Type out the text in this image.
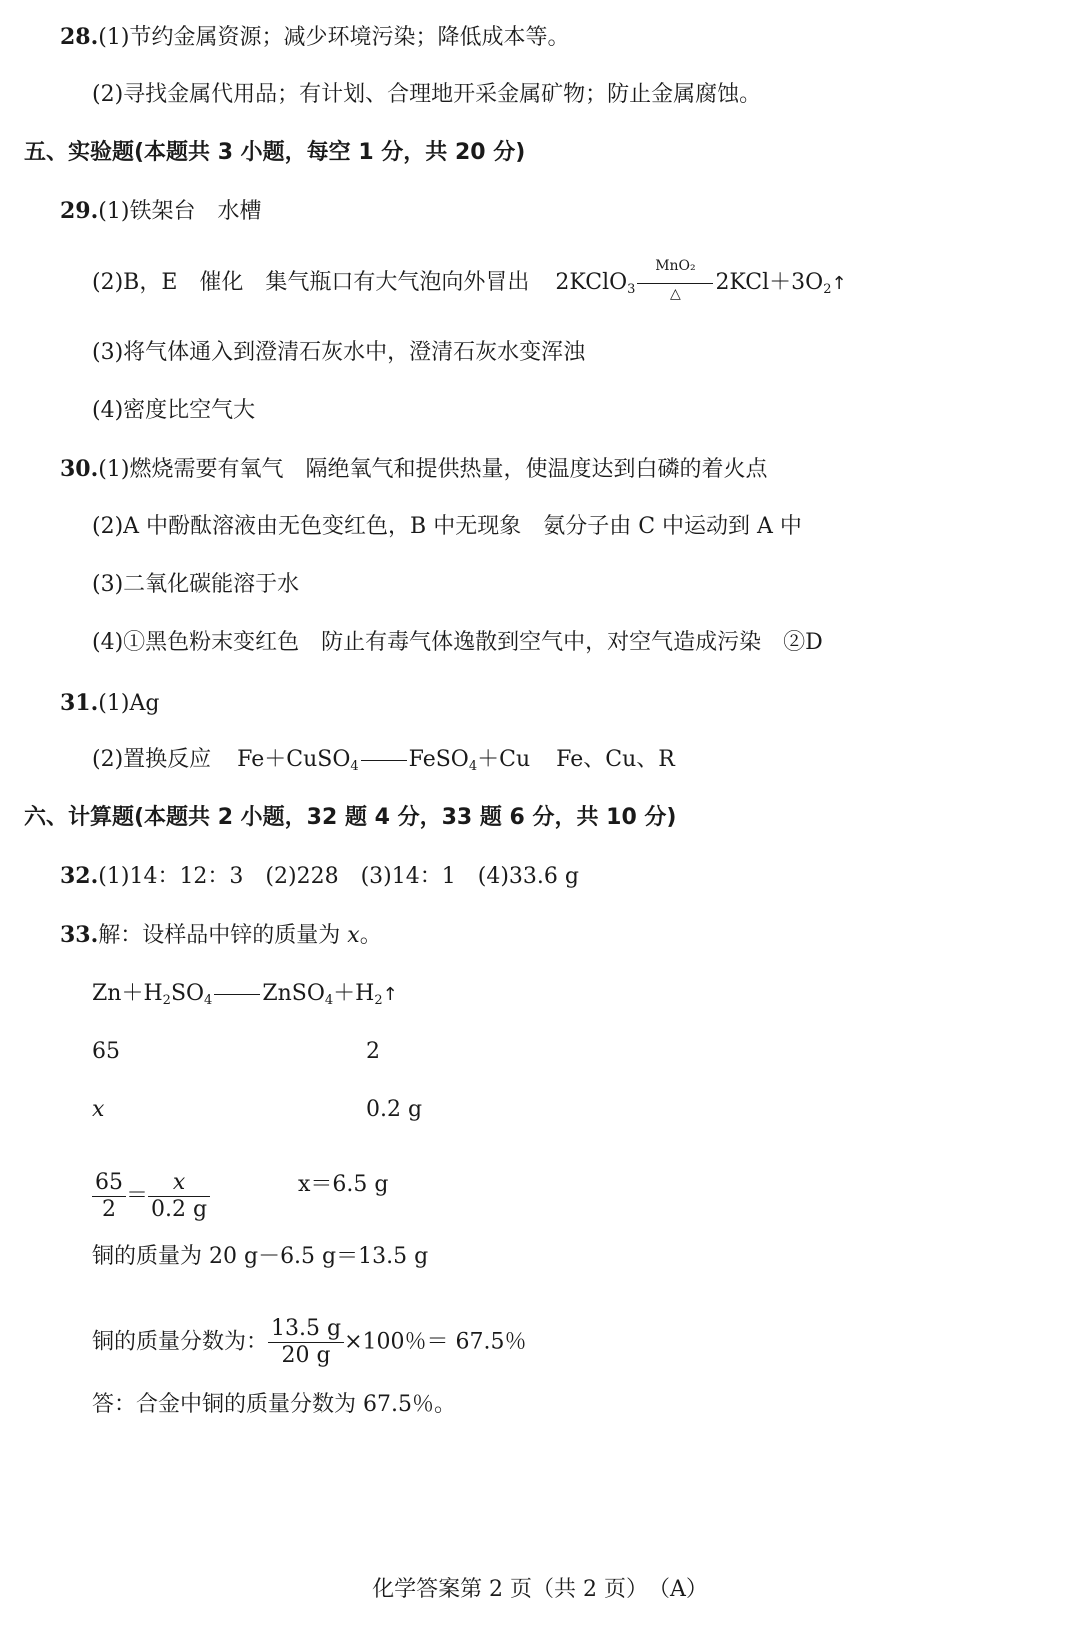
28.(1)节约金属资源；减少环境污染；降低成本等。
(2)寻找金属代用品；有计划、合理地开采金属矿物；防止金属腐蚀。
五、实验题(本题共 3 小题，每空 1 分，共 20 分)
29.(1)铁架台　水槽
(2)B，E　催化　集气瓶口有大气泡向外冒出 2KClO$_3$
MnO₂
△	$2KCl+3O_2↑$
(3)将气体通入到澄清石灰水中，澄清石灰水变浑浊
(4)密度比空气大
30.(1)燃烧需要有氧气　隔绝氧气和提供热量，使温度达到白磷的着火点
(2)A 中酚酞溶液由无色变红色，B 中无现象　氨分子由 C 中运动到 A 中
(3)二氧化碳能溶于水
(4)①黑色粉末变红色　防止有毒气体逸散到空气中，对空气造成污染　②D
31.(1)Ag
(2)置换反应 Fe＋CuSO$_4$ FeSO$_4$＋Cu Fe、Cu、R
六、计算题(本题共 2 小题，32 题 4 分，33 题 6 分，共 10 分)
32.(1)14：12：3　(2)228　(3)14：1　(4)33.6 g
33.解：设样品中锌的质量为 x。
$Zn+H_2SO_4$ $ZnSO_4+H_2↑$
65	2
x	0.2 g
$\frac{65}{2} = \frac{x}{0.2 g}$	x＝6.5 g
铜的质量为 20 g－6.5 g＝13.5 g
铜的质量分数为： $\frac{13.5 g}{20 g} \times 100$％＝ 67.5％
答：合金中铜的质量分数为 67.5％。
化学答案第 2 页（共 2 页）　（A）
